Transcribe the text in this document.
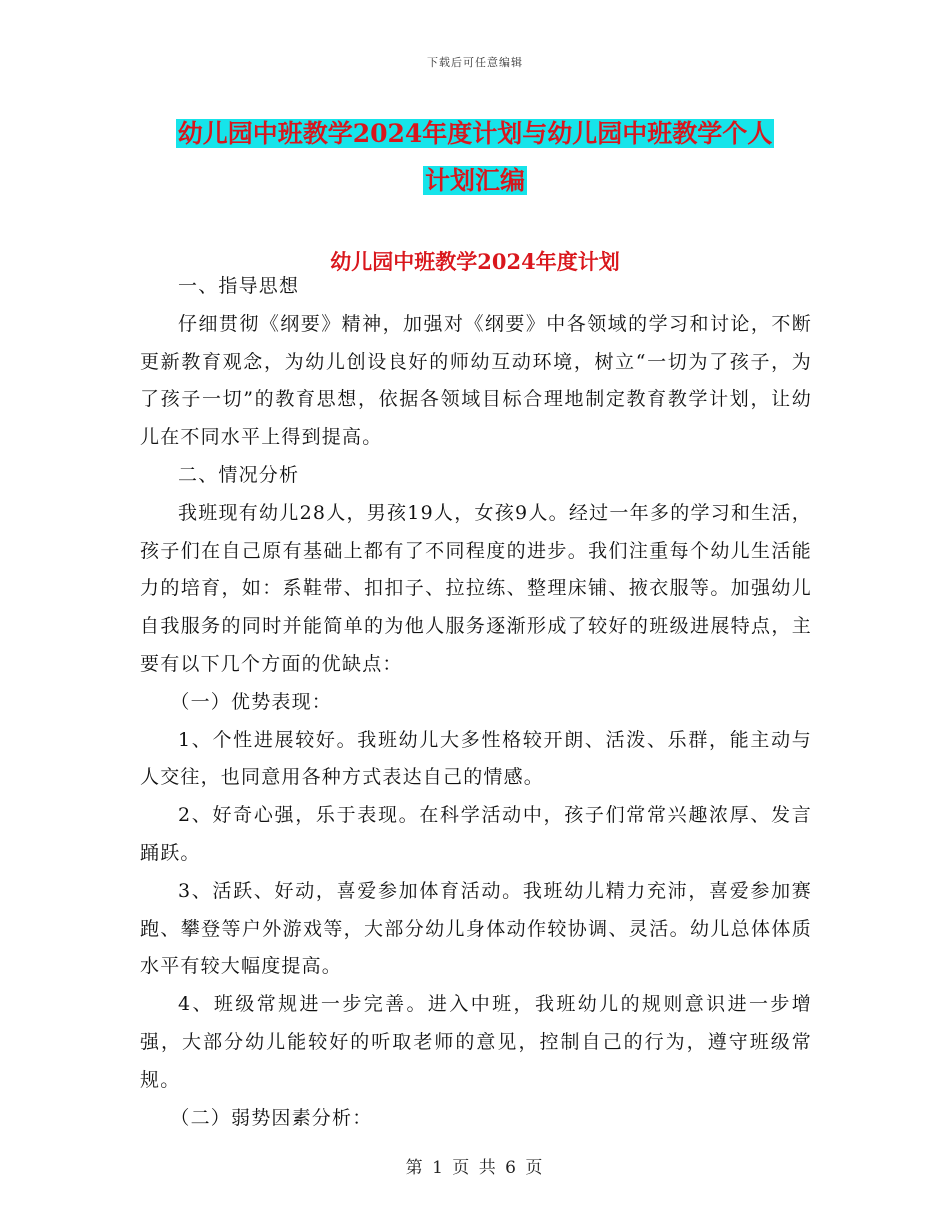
下载后可任意编辑
幼儿园中班教学2024年度计划与幼儿园中班教学个人
计划汇编
幼儿园中班教学2024年度计划

一、指导思想

仔细贯彻《纲要》精神，加强对《纲要》中各领域的学习和讨论，不断更新教育观念，为幼儿创设良好的师幼互动环境，树立“一切为了孩子，为了孩子一切”的教育思想，依据各领域目标合理地制定教育教学计划，让幼儿在不同水平上得到提高。

二、情况分析

我班现有幼儿28人，男孩19人，女孩9人。经过一年多的学习和生活，孩子们在自己原有基础上都有了不同程度的进步。我们注重每个幼儿生活能力的培育，如：系鞋带、扣扣子、拉拉练、整理床铺、掖衣服等。加强幼儿自我服务的同时并能简单的为他人服务逐渐形成了较好的班级进展特点，主要有以下几个方面的优缺点：

（一）优势表现：

1、个性进展较好。我班幼儿大多性格较开朗、活泼、乐群，能主动与人交往，也同意用各种方式表达自己的情感。

2、好奇心强，乐于表现。在科学活动中，孩子们常常兴趣浓厚、发言踊跃。

3、活跃、好动，喜爱参加体育活动。我班幼儿精力充沛，喜爱参加赛跑、攀登等户外游戏等，大部分幼儿身体动作较协调、灵活。幼儿总体体质水平有较大幅度提高。

4、班级常规进一步完善。进入中班，我班幼儿的规则意识进一步增强，大部分幼儿能较好的听取老师的意见，控制自己的行为，遵守班级常规。

（二）弱势因素分析：

第 1 页 共 6 页
